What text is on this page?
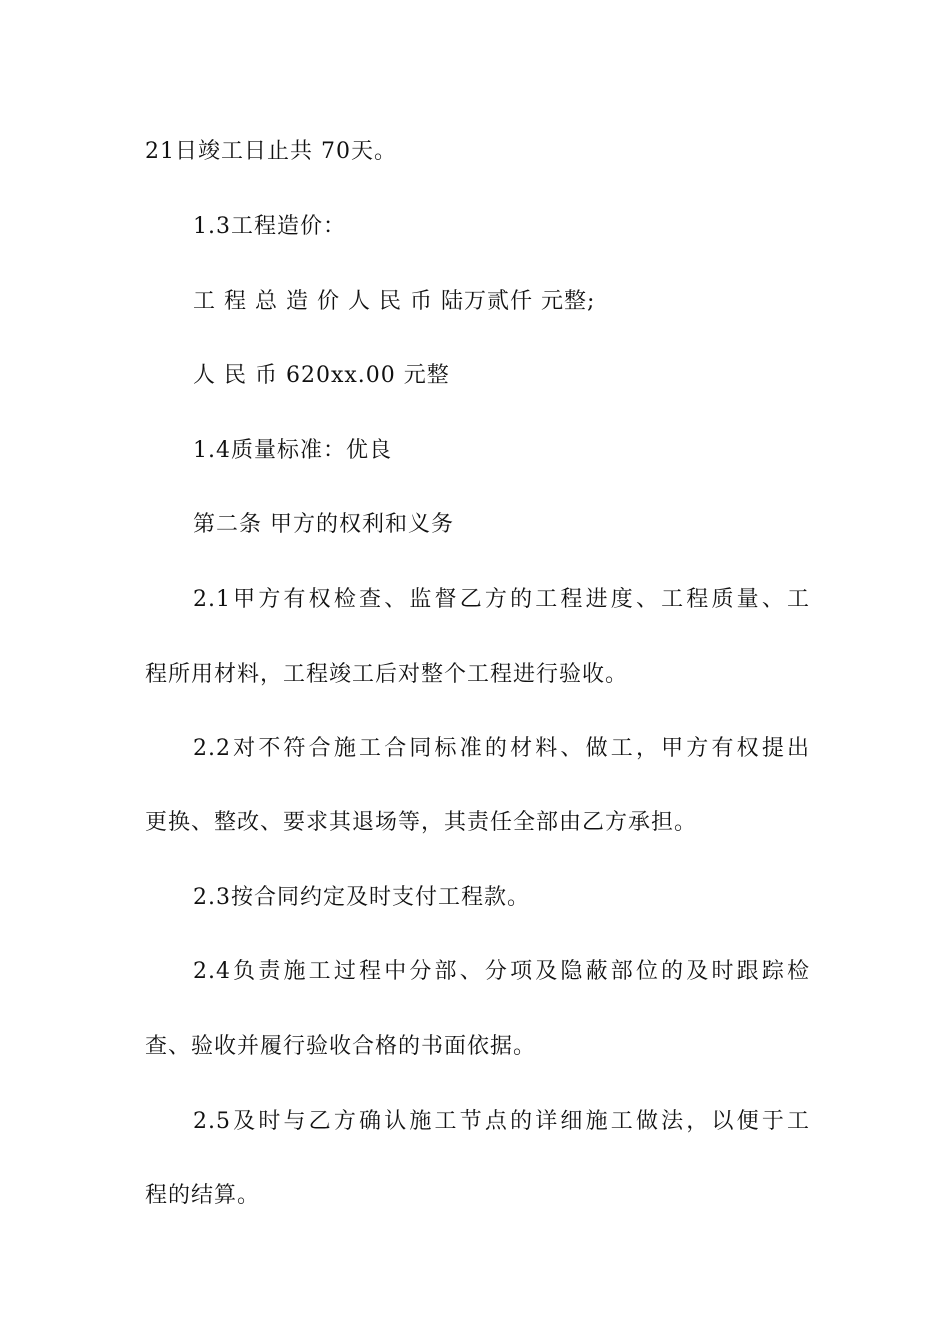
21日竣工日止共 70天。
1.3工程造价：
工 程 总 造 价 人 民 币 陆万贰仟 元整;
人 民 币 620xx.00 元整
1.4质量标准：优良
第二条 甲方的权利和义务
2.1甲方有权检查、监督乙方的工程进度、工程质量、工
程所用材料，工程竣工后对整个工程进行验收。
2.2对不符合施工合同标准的材料、做工，甲方有权提出
更换、整改、要求其退场等，其责任全部由乙方承担。
2.3按合同约定及时支付工程款。
2.4负责施工过程中分部、分项及隐蔽部位的及时跟踪检
查、验收并履行验收合格的书面依据。
2.5及时与乙方确认施工节点的详细施工做法，以便于工
程的结算。
